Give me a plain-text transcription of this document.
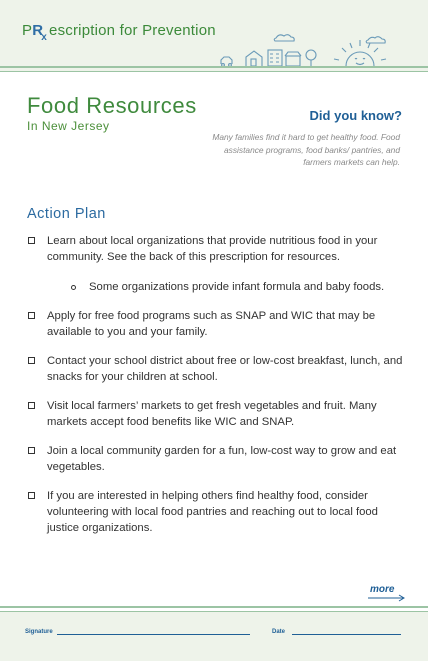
$PR_x$ escription for Prevention
Food Resources
In New Jersey
Did you know?
Many families find it hard to get healthy food. Food assistance programs, food banks/ pantries, and farmers markets can help.
Action Plan
Learn about local organizations that provide nutritious food in your community. See the back of this prescription for resources.
Some organizations provide infant formula and baby foods.
Apply for free food programs such as SNAP and WIC that may be available to you and your family.
Contact your school district about free or low-cost breakfast, lunch, and snacks for your children at school.
Visit local farmers’ markets to get fresh vegetables and fruit. Many markets accept food benefits like WIC and SNAP.
Join a local community garden for a fun, low-cost way to grow and eat vegetables.
If you are interested in helping others find healthy food, consider volunteering with local food pantries and reaching out to local food justice organizations.
more
Signature	Date
